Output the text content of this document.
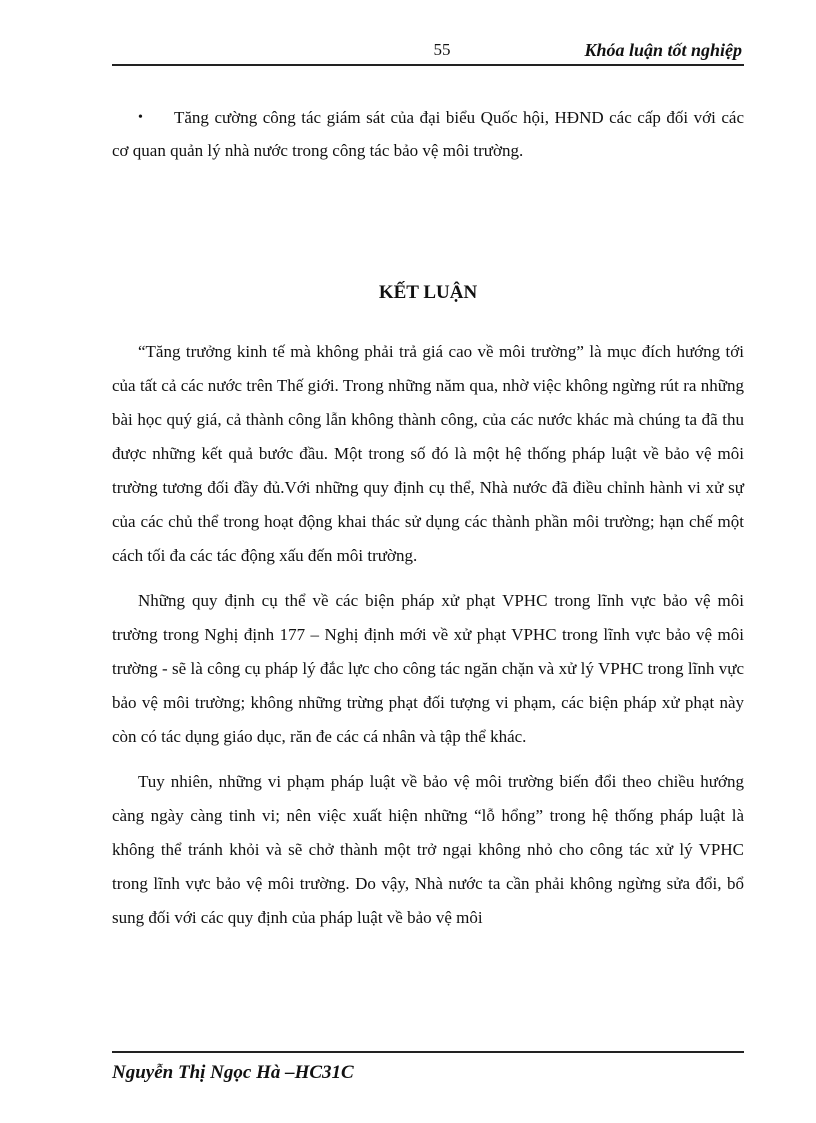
55	Khóa luận tốt nghiệp
•	Tăng cường công tác giám sát của đại biểu Quốc hội, HĐND các cấp đối với các cơ quan quản lý nhà nước trong công tác bảo vệ môi trường.

KẾT LUẬN

“Tăng trưởng kinh tế mà không phải trả giá cao về môi trường” là mục đích hướng tới của tất cả các nước trên Thế giới. Trong những năm qua, nhờ việc không ngừng rút ra những bài học quý giá, cả thành công lẫn không thành công, của các nước khác mà chúng ta đã thu được những kết quả bước đầu. Một trong số đó là một hệ thống pháp luật về bảo vệ môi trường tương đối đầy đủ.Với những quy định cụ thể, Nhà nước đã điều chỉnh hành vi xử sự của các chủ thể trong hoạt động khai thác sử dụng các thành phần môi trường; hạn chế một cách tối đa các tác động xấu đến môi trường.

Những quy định cụ thể về các biện pháp xử phạt VPHC trong lĩnh vực bảo vệ môi trường trong Nghị định 177 – Nghị định mới về xử phạt VPHC trong lĩnh vực bảo vệ môi trường - sẽ là công cụ pháp lý đắc lực cho công tác ngăn chặn và xử lý VPHC trong lĩnh vực bảo vệ môi trường; không những trừng phạt đối tượng vi phạm, các biện pháp xử phạt này còn có tác dụng giáo dục, răn đe các cá nhân và tập thể khác.

Tuy nhiên, những vi phạm pháp luật về bảo vệ môi trường biến đổi theo chiều hướng càng ngày càng tinh vi; nên việc xuất hiện những “lỗ hổng” trong hệ thống pháp luật là không thể tránh khỏi và sẽ chở thành một trở ngại không nhỏ cho công tác xử lý VPHC trong lĩnh vực bảo vệ môi trường. Do vậy, Nhà nước ta cần phải không ngừng sửa đổi, bổ sung đối với các quy định của pháp luật về bảo vệ môi

Nguyễn Thị Ngọc Hà –HC31C
